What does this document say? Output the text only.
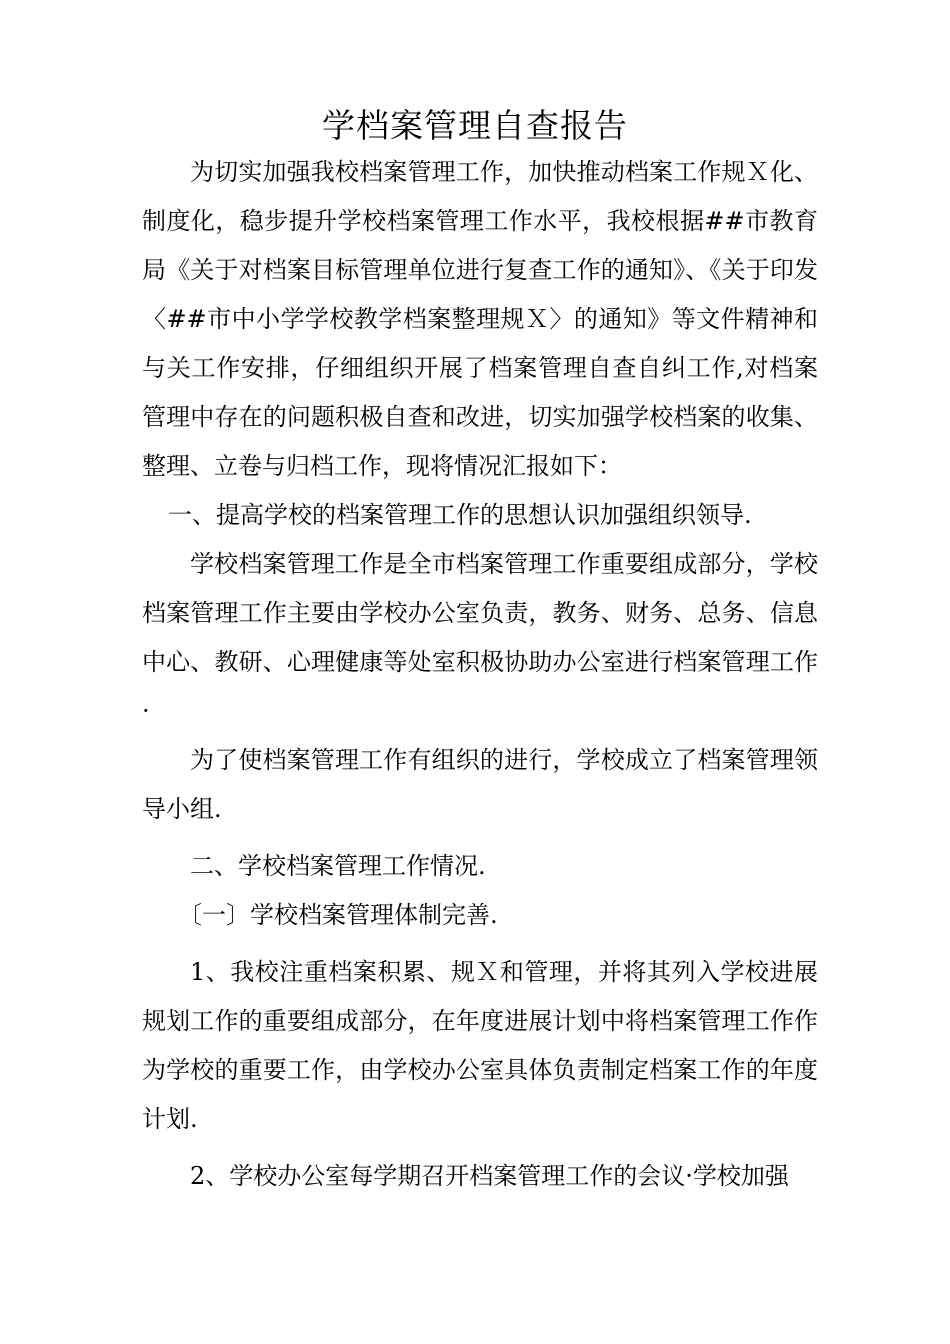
学档案管理自查报告

为切实加强我校档案管理工作，加快推动档案工作规Ｘ化、制度化，稳步提升学校档案管理工作水平，我校根据##市教育局《关于对档案目标管理单位进行复查工作的通知》、《关于印发〈##市中小学学校教学档案整理规Ｘ〉的通知》等文件精神和与关工作安排，仔细组织开展了档案管理自查自纠工作,对档案管理中存在的问题积极自查和改进，切实加强学校档案的收集、整理、立卷与归档工作，现将情况汇报如下：

一、提高学校的档案管理工作的思想认识加强组织领导.

学校档案管理工作是全市档案管理工作重要组成部分，学校档案管理工作主要由学校办公室负责，教务、财务、总务、信息中心、教研、心理健康等处室积极协助办公室进行档案管理工作·

为了使档案管理工作有组织的进行，学校成立了档案管理领导小组.

二、学校档案管理工作情况.

〔一〕学校档案管理体制完善.

1、我校注重档案积累、规Ｘ和管理，并将其列入学校进展规划工作的重要组成部分，在年度进展计划中将档案管理工作作为学校的重要工作，由学校办公室具体负责制定档案工作的年度计划.

2、学校办公室每学期召开档案管理工作的会议·学校加强
